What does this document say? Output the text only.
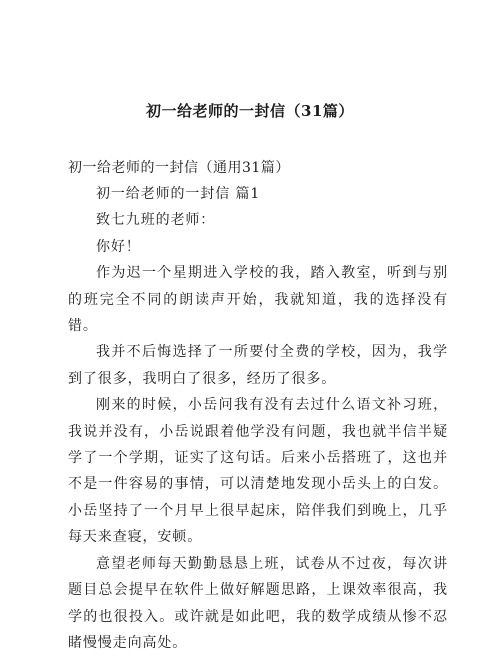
初一给老师的一封信（31篇）
初一给老师的一封信（通用31篇）

初一给老师的一封信 篇1

致七九班的老师：

你好！

作为迟一个星期进入学校的我，踏入教室，听到与别的班完全不同的朗读声开始，我就知道，我的选择没有错。

我并不后悔选择了一所要付全费的学校，因为，我学到了很多，我明白了很多，经历了很多。

刚来的时候，小岳问我有没有去过什么语文补习班，我说并没有，小岳说跟着他学没有问题，我也就半信半疑学了一个学期，证实了这句话。后来小岳搭班了，这也并不是一件容易的事情，可以清楚地发现小岳头上的白发。小岳坚持了一个月早上很早起床，陪伴我们到晚上，几乎每天来查寝，安顿。

意望老师每天勤勤恳恳上班，试卷从不过夜，每次讲题目总会提早在软件上做好解题思路，上课效率很高，我学的也很投入。或许就是如此吧，我的数学成绩从惨不忍睹慢慢走向高处。
